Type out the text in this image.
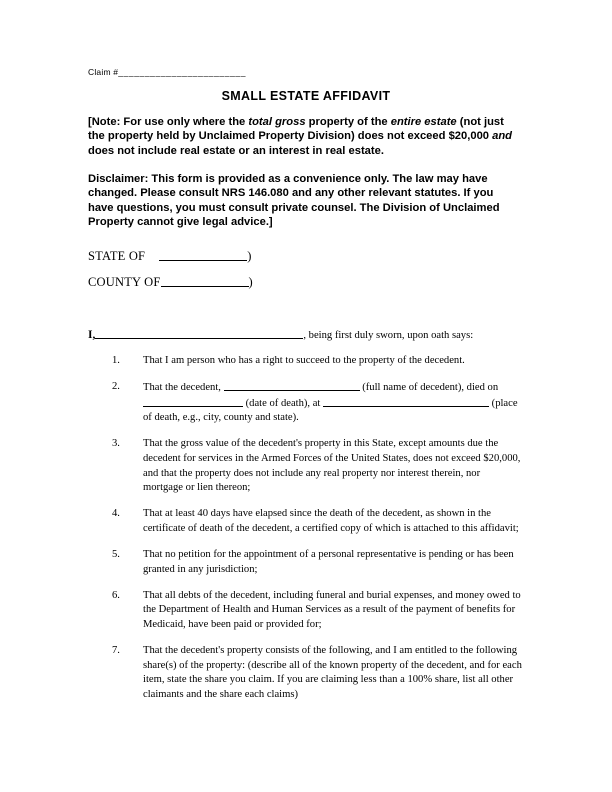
Claim #________________________
SMALL ESTATE AFFIDAVIT
[Note: For use only where the total gross property of the entire estate (not just the property held by Unclaimed Property Division) does not exceed $20,000 and does not include real estate or an interest in real estate.
Disclaimer: This form is provided as a convenience only. The law may have changed. Please consult NRS 146.080 and any other relevant statutes. If you have questions, you must consult private counsel. The Division of Unclaimed Property cannot give legal advice.]
STATE OF	)
COUNTY OF	)
I,	, being first duly sworn, upon oath says:
1.	That I am person who has a right to succeed to the property of the decedent.
2.	That the decedent,	(full name of decedent), died on  (date of death), at	(place of death, e.g., city, county and state).
3.	That the gross value of the decedent's property in this State, except amounts due the decedent for services in the Armed Forces of the United States, does not exceed $20,000, and that the property does not include any real property nor interest therein, nor mortgage or lien thereon;
4.	That at least 40 days have elapsed since the death of the decedent, as shown in the certificate of death of the decedent, a certified copy of which is attached to this affidavit;
5.	That no petition for the appointment of a personal representative is pending or has been granted in any jurisdiction;
6.	That all debts of the decedent, including funeral and burial expenses, and money owed to the Department of Health and Human Services as a result of the payment of benefits for Medicaid, have been paid or provided for;
7.	That the decedent's property consists of the following, and I am entitled to the following share(s) of the property: (describe all of the known property of the decedent, and for each item, state the share you claim. If you are claiming less than a 100% share, list all other claimants and the share each claims)
